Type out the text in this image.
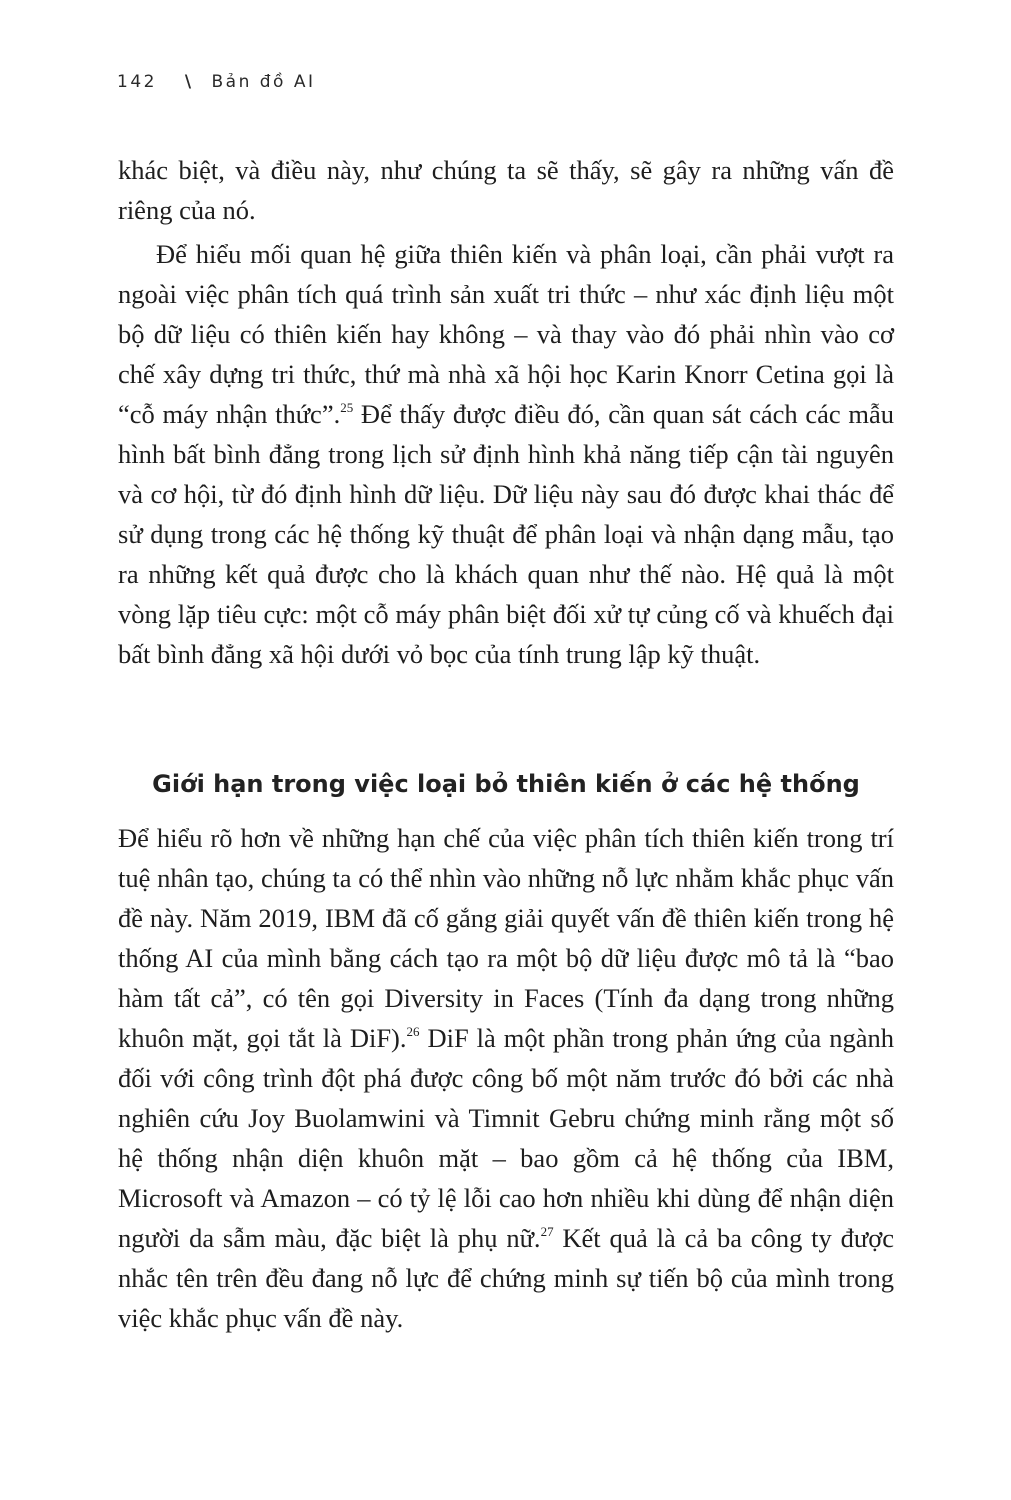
142 \ Bản đồ AI

khác biệt, và điều này, như chúng ta sẽ thấy, sẽ gây ra những vấn đề riêng của nó.

Để hiểu mối quan hệ giữa thiên kiến và phân loại, cần phải vượt ra ngoài việc phân tích quá trình sản xuất tri thức – như xác định liệu một bộ dữ liệu có thiên kiến hay không – và thay vào đó phải nhìn vào cơ chế xây dựng tri thức, thứ mà nhà xã hội học Karin Knorr Cetina gọi là “cỗ máy nhận thức”.$^{25}$ Để thấy được điều đó, cần quan sát cách các mẫu hình bất bình đẳng trong lịch sử định hình khả năng tiếp cận tài nguyên và cơ hội, từ đó định hình dữ liệu. Dữ liệu này sau đó được khai thác để sử dụng trong các hệ thống kỹ thuật để phân loại và nhận dạng mẫu, tạo ra những kết quả được cho là khách quan như thế nào. Hệ quả là một vòng lặp tiêu cực: một cỗ máy phân biệt đối xử tự củng cố và khuếch đại bất bình đẳng xã hội dưới vỏ bọc của tính trung lập kỹ thuật.

Giới hạn trong việc loại bỏ thiên kiến ở các hệ thống

Để hiểu rõ hơn về những hạn chế của việc phân tích thiên kiến trong trí tuệ nhân tạo, chúng ta có thể nhìn vào những nỗ lực nhằm khắc phục vấn đề này. Năm 2019, IBM đã cố gắng giải quyết vấn đề thiên kiến trong hệ thống AI của mình bằng cách tạo ra một bộ dữ liệu được mô tả là “bao hàm tất cả”, có tên gọi Diversity in Faces (Tính đa dạng trong những khuôn mặt, gọi tắt là DiF).$^{26}$ DiF là một phần trong phản ứng của ngành đối với công trình đột phá được công bố một năm trước đó bởi các nhà nghiên cứu Joy Buolamwini và Timnit Gebru chứng minh rằng một số hệ thống nhận diện khuôn mặt – bao gồm cả hệ thống của IBM, Microsoft và Amazon – có tỷ lệ lỗi cao hơn nhiều khi dùng để nhận diện người da sẫm màu, đặc biệt là phụ nữ.$^{27}$ Kết quả là cả ba công ty được nhắc tên trên đều đang nỗ lực để chứng minh sự tiến bộ của mình trong việc khắc phục vấn đề này.
